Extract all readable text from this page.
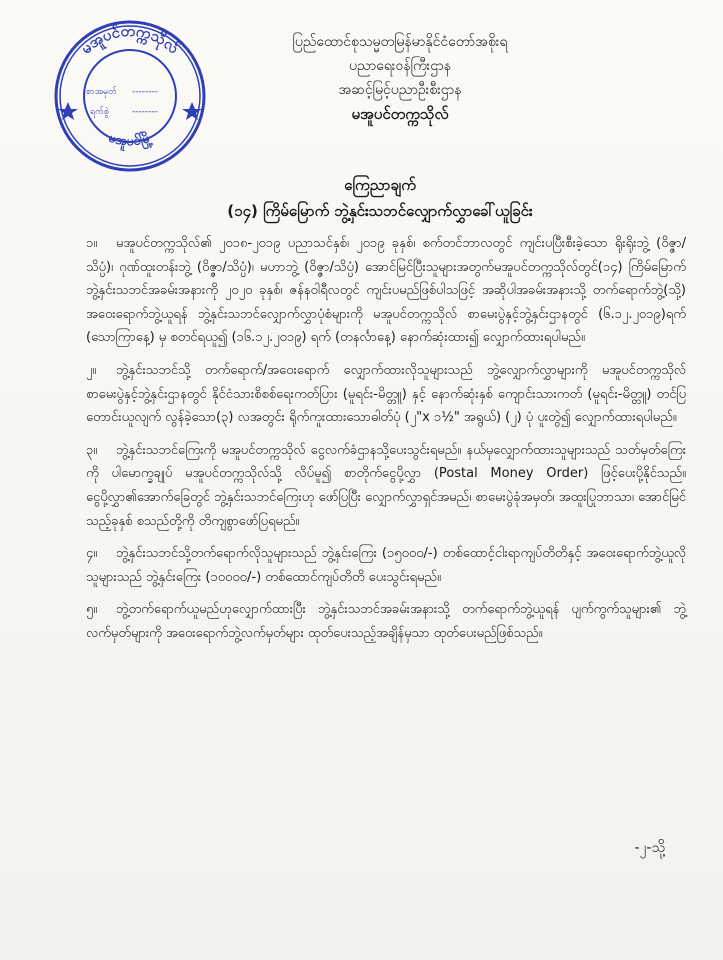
မအူပင်တက္ကသိုလ်
မအူပင်မြို့
စာအမှတ် --------
ရက်စွဲ	--------
ပြည်ထောင်စုသမ္မတမြန်မာနိုင်ငံတော်အစိုးရ
ပညာရေးဝန်ကြီးဌာန
အဆင့်မြင့်ပညာဦးစီးဌာန
မအူပင်တက္ကသိုလ်
ကြေညာချက်
(၁၄) ကြိမ်မြောက် ဘွဲ့နှင်းသဘင်လျှောက်လွှာခေါ်ယူခြင်း

၁။ မအူပင်တက္ကသိုလ်၏ ၂၀၁၈-၂၀၁၉ ပညာသင်နှစ်၊ ၂၀၁၉ ခုနှစ်၊ စက်တင်ဘာလတွင် ကျင်းပပြီးစီးခဲ့သော ရိုးရိုးဘွဲ့ (ဝိဇ္ဇာ/သိပ္ပံ)၊ ဂုဏ်ထူးတန်းဘွဲ့ (ဝိဇ္ဇာ/သိပ္ပံ)၊ မဟာဘွဲ့ (ဝိဇ္ဇာ/သိပ္ပံ) အောင်မြင်ပြီးသူများအတွက်မအူပင်တက္ကသိုလ်တွင်(၁၄) ကြိမ်မြောက်ဘွဲ့နှင်းသဘင်အခမ်းအနားကို ၂၀၂၀ ခုနှစ်၊ ဇန်နဝါရီလတွင် ကျင်းပမည်ဖြစ်ပါသဖြင့် အဆိုပါအခမ်းအနားသို့ တက်ရောက်ဘွဲ့(သို့) အဝေးရောက်ဘွဲ့ယူရန် ဘွဲ့နှင်းသဘင်လျှောက်လွှာပုံစံများကို မအူပင်တက္ကသိုလ် စာမေးပွဲနှင့်ဘွဲ့နှင်းဌာနတွင် (၆.၁၂.၂၀၁၉)ရက် (သောကြာနေ့) မှ စတင်ရယူ၍ (၁၆.၁၂.၂၀၁၉) ရက် (တနင်္လာနေ့) နောက်ဆုံးထား၍ လျှောက်ထားရပါမည်။

၂။ ဘွဲ့နှင်းသဘင်သို့ တက်ရောက်/အဝေးရောက် လျှောက်ထားလိုသူများသည် ဘွဲ့လျှောက်လွှာများကို မအူပင်တက္ကသိုလ် စာမေးပွဲနှင့်ဘွဲ့နှင်းဌာနတွင် နိုင်ငံသားစိစစ်ရေးကတ်ပြား (မူရင်း-မိတ္တူ) နှင့် နောက်ဆုံးနှစ် ကျောင်းသားကတ် (မူရင်း-မိတ္တူ) တင်ပြတောင်းယူလျက် လွန်ခဲ့သော(၃) လအတွင်း ရိုက်ကူးထားသောဓါတ်ပုံ (၂"x ၁½" အရွယ်) (၂) ပုံ ပူးတွဲ၍ လျှောက်ထားရပါမည်။

၃။ ဘွဲ့နှင်းသဘင်ကြေးကို မအူပင်တက္ကသိုလ် ငွေလက်ခံဌာနသို့ပေးသွင်းရမည်။ နယ်မှလျှောက်ထားသူများသည် သတ်မှတ်ကြေးကို ပါမောက္ခချုပ် မအူပင်တက္ကသိုလ်သို့ လိပ်မူ၍ စာတိုက်ငွေပို့လွှာ (Postal Money Order) ဖြင့်ပေးပို့နိုင်သည်။ ငွေပို့လွှာ၏အောက်ခြေတွင် ဘွဲ့နှင်းသဘင်ကြေးဟု ဖော်ပြပြီး လျှောက်လွှာရှင်အမည်၊ စာမေးပွဲခုံအမှတ်၊ အထူးပြုဘာသာ၊ အောင်မြင်သည့်ခုနှစ် စသည်တို့ကို တိကျစွာဖော်ပြရမည်။

၄။ ဘွဲ့နှင်းသဘင်သို့တက်ရောက်လိုသူများသည် ဘွဲ့နှင်းကြေး (၁၅၀၀၀/-) တစ်ထောင့်ငါးရာကျပ်တိတိနှင့် အဝေးရောက်ဘွဲ့ယူလိုသူများသည် ဘွဲ့နှင်းကြေး (၁၀၀၀၀/-) တစ်ထောင်ကျပ်တိတိ ပေးသွင်းရမည်။

၅။ ဘွဲ့တက်ရောက်ယူမည်ဟုလျှောက်ထားပြီး ဘွဲ့နှင်းသဘင်အခမ်းအနားသို့ တက်ရောက်ဘွဲ့ယူရန် ပျက်ကွက်သူများ၏ ဘွဲ့လက်မှတ်များကို အဝေးရောက်ဘွဲ့လက်မှတ်များ ထုတ်ပေးသည့်အချိန်မှသာ ထုတ်ပေးမည်ဖြစ်သည်။

-၂-သို့
